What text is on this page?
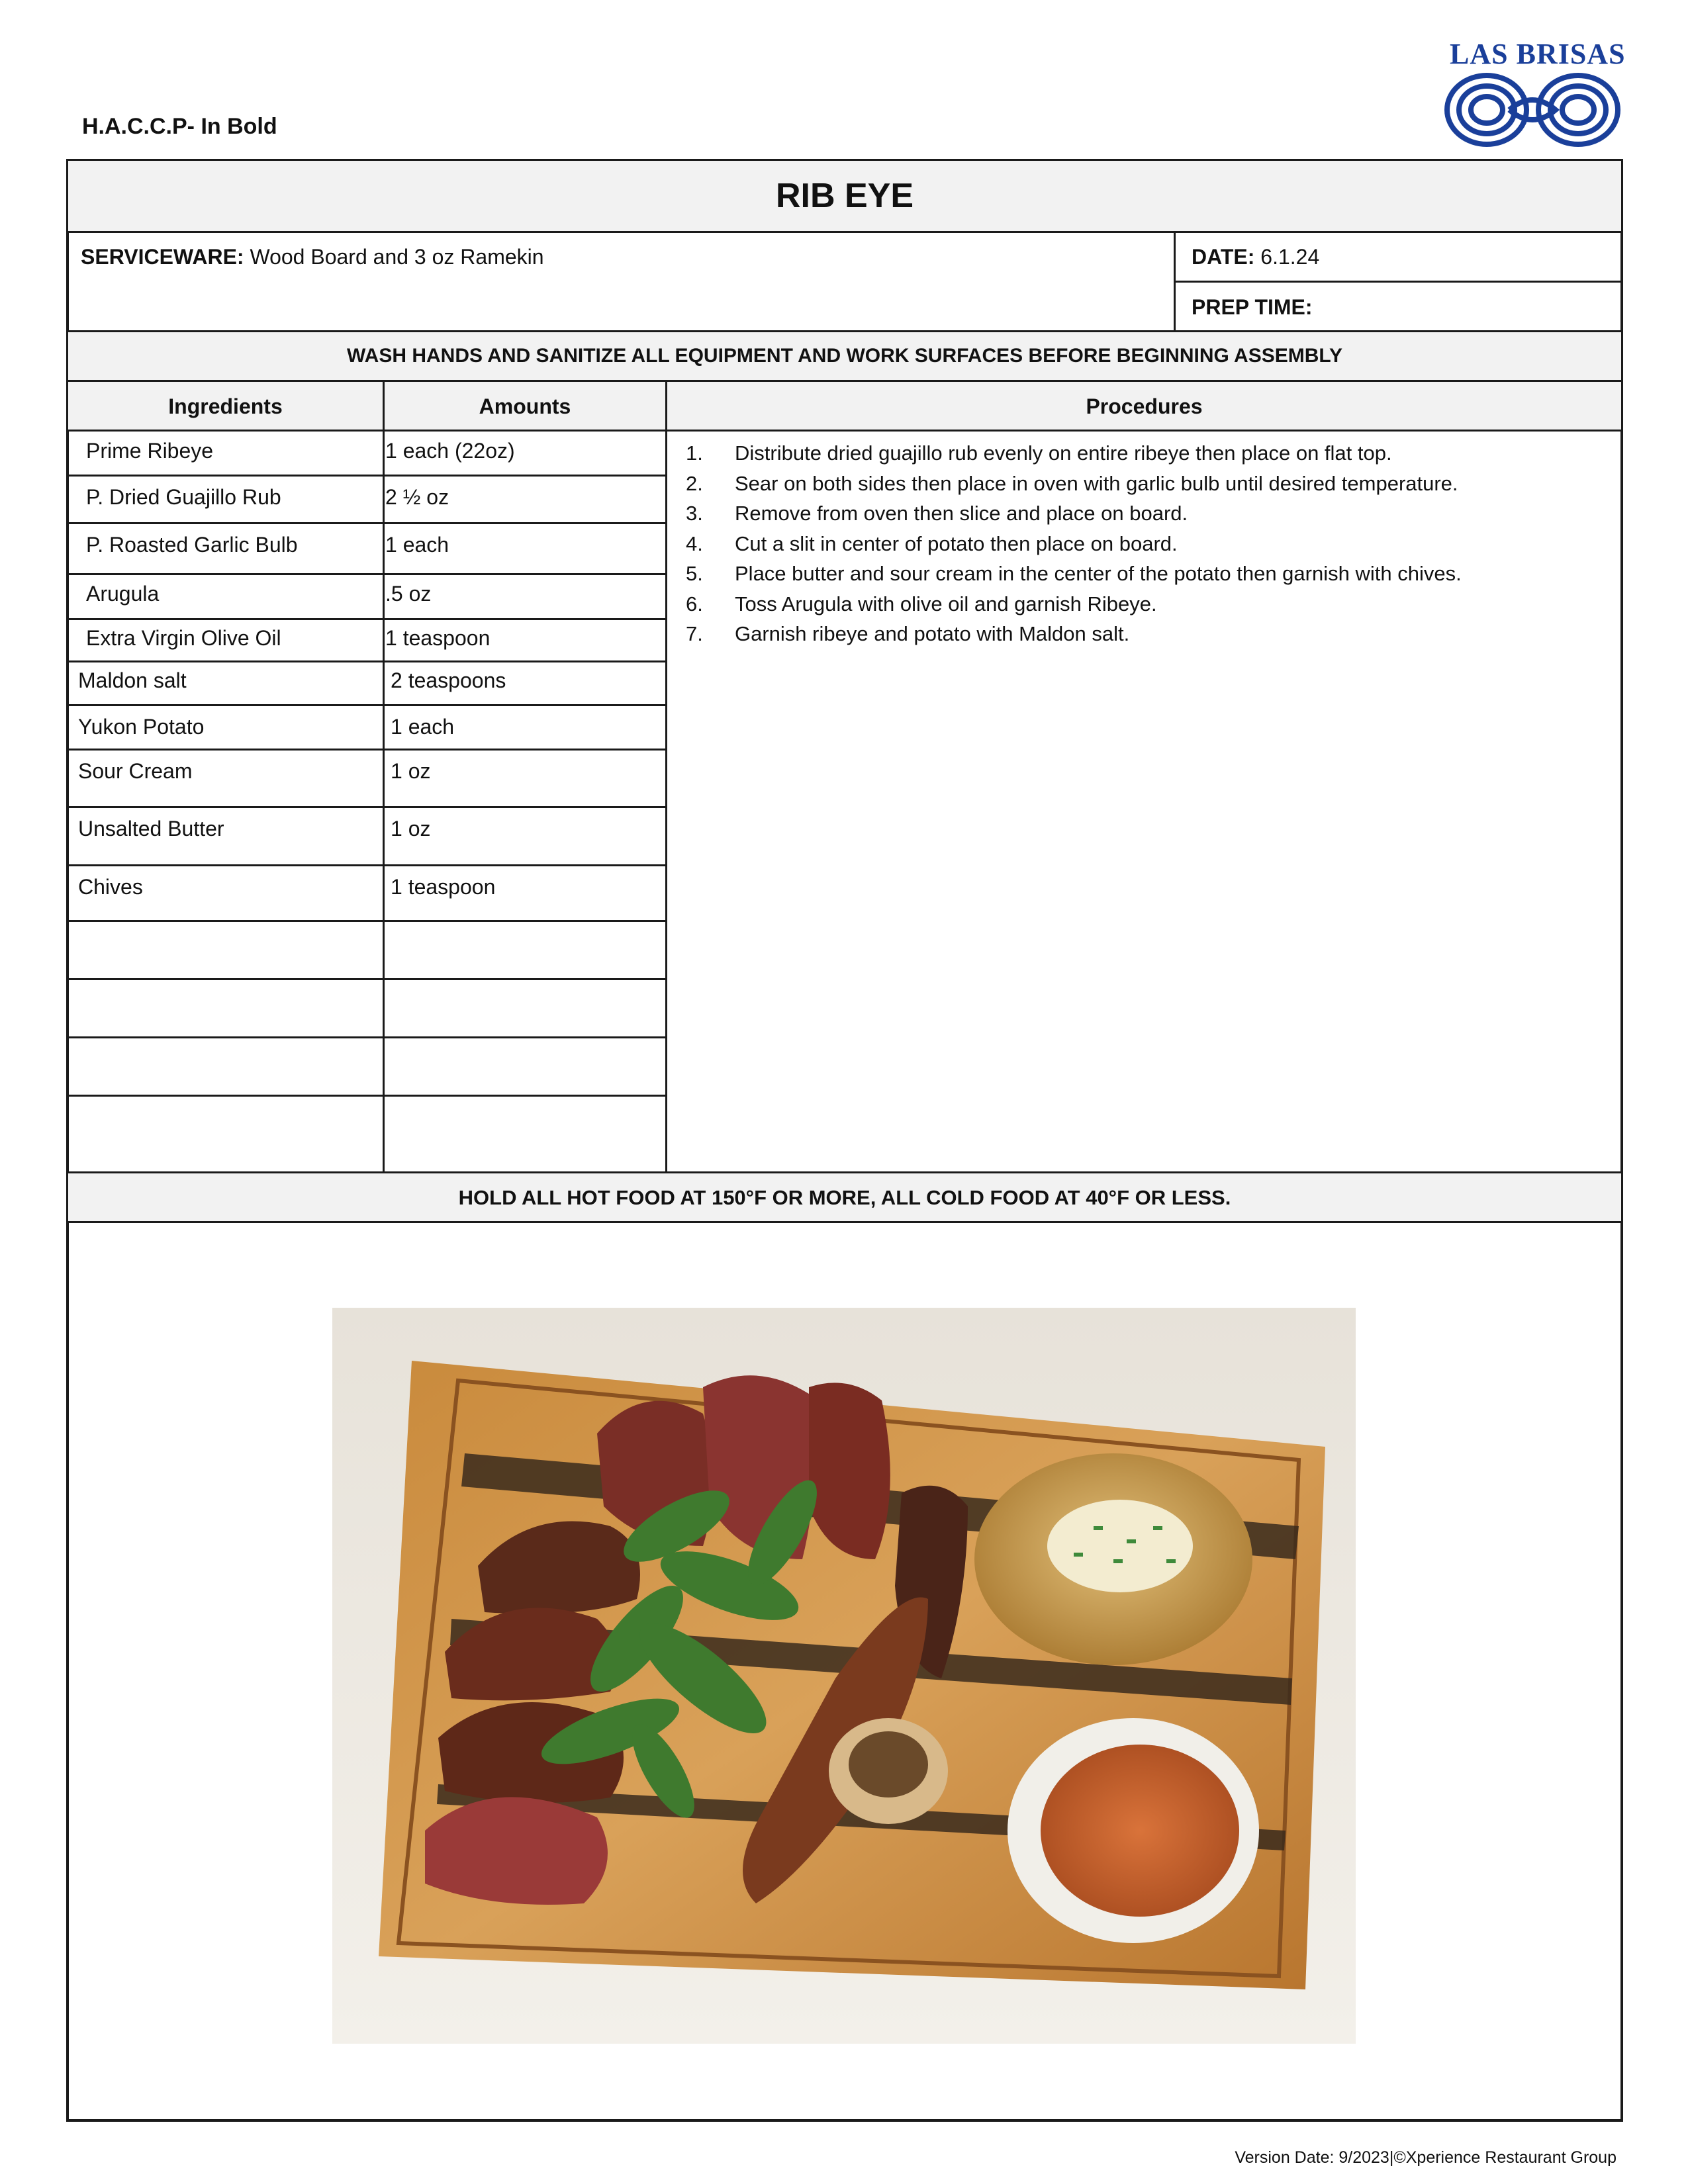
H.A.C.C.P- In Bold
LAS BRISAS
RIB EYE
SERVICEWARE: Wood Board and 3 oz Ramekin	DATE: 6.1.24
PREP TIME:
WASH HANDS AND SANITIZE ALL EQUIPMENT AND WORK SURFACES BEFORE BEGINNING ASSEMBLY
Ingredients	Amounts	Procedures
Prime Ribeye	1 each (22oz)
P. Dried Guajillo Rub	2 ½ oz
P. Roasted Garlic Bulb	1 each
Arugula	.5 oz
Extra Virgin Olive Oil	1 teaspoon
Maldon salt	2 teaspoons
Yukon Potato	1 each
Sour Cream	1 oz
Unsalted Butter	1 oz
Chives	1 teaspoon
1. Distribute dried guajillo rub evenly on entire ribeye then place on flat top.
2. Sear on both sides then place in oven with garlic bulb until desired temperature.
3. Remove from oven then slice and place on board.
4. Cut a slit in center of potato then place on board.
5. Place butter and sour cream in the center of the potato then garnish with chives.
6. Toss Arugula with olive oil and garnish Ribeye.
7. Garnish ribeye and potato with Maldon salt.
HOLD ALL HOT FOOD AT 150°F OR MORE, ALL COLD FOOD AT 40°F OR LESS.
Version Date: 9/2023|©Xperience Restaurant Group
